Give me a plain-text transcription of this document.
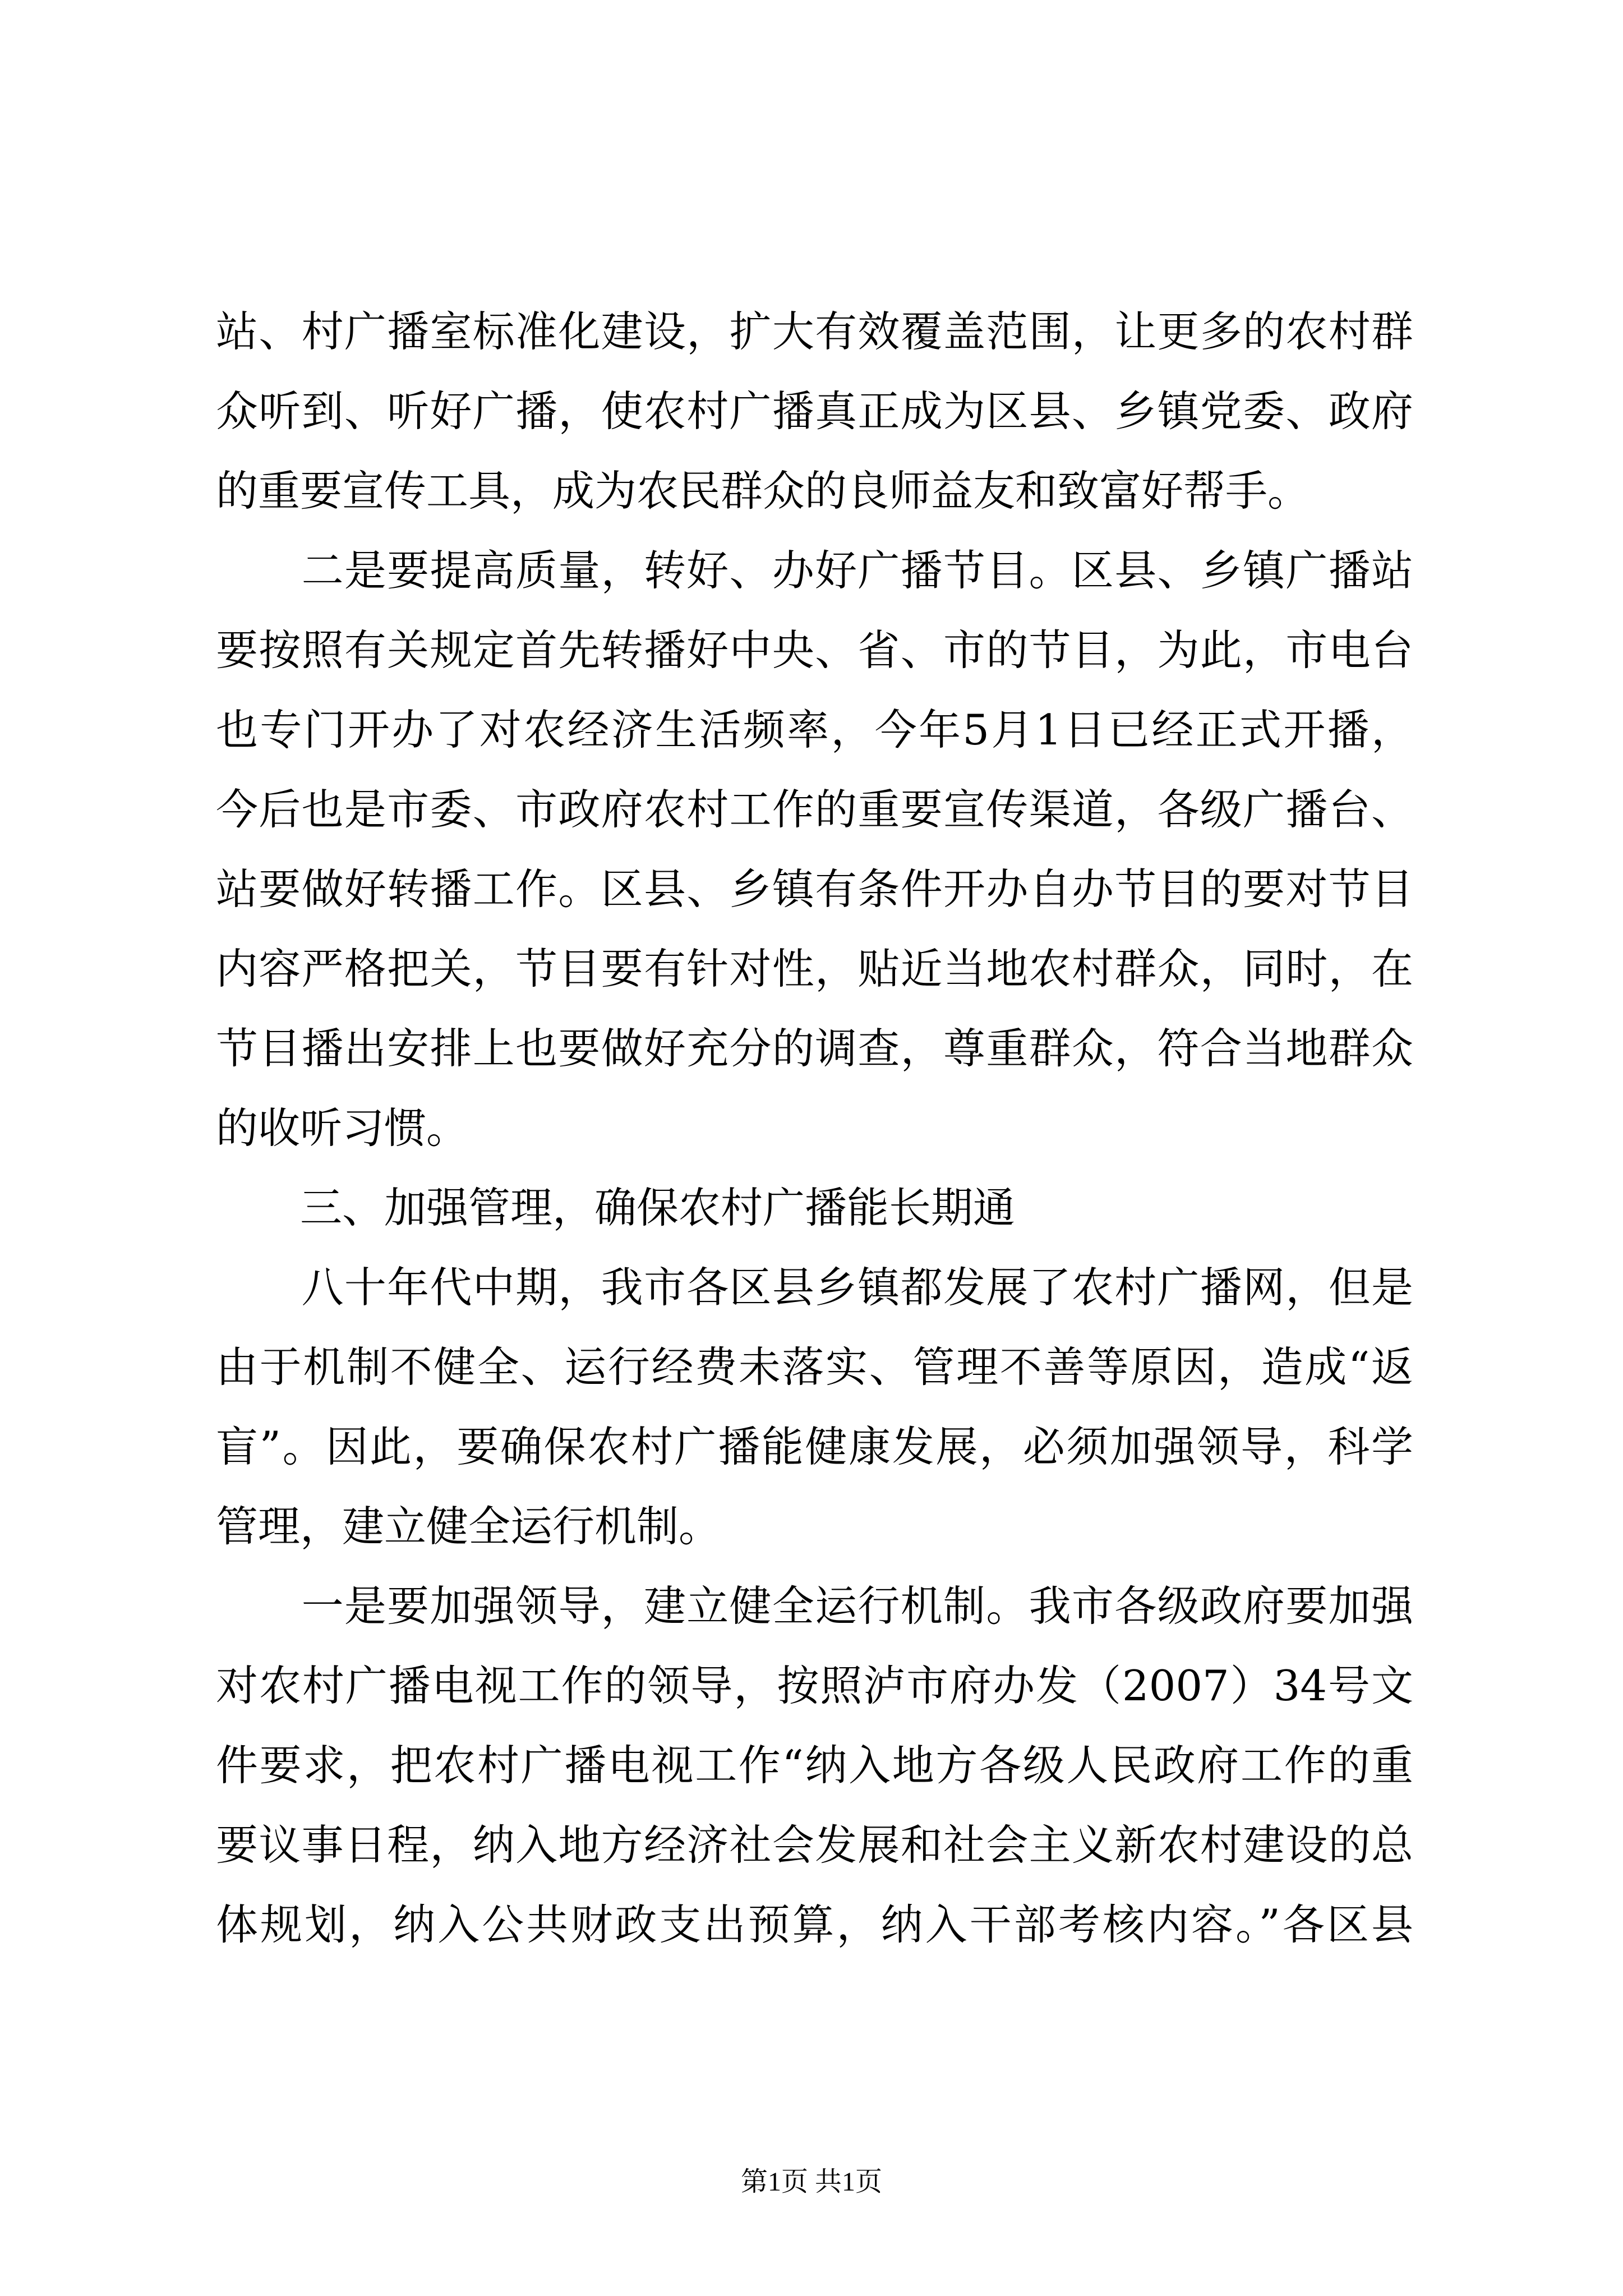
站、村广播室标准化建设，扩大有效覆盖范围，让更多的农村群
众听到、听好广播，使农村广播真正成为区县、乡镇党委、政府
的重要宣传工具，成为农民群众的良师益友和致富好帮手。
　　二是要提高质量，转好、办好广播节目。区县、乡镇广播站
要按照有关规定首先转播好中央、省、市的节目，为此，市电台
也专门开办了对农经济生活频率，今年5月1日已经正式开播，
今后也是市委、市政府农村工作的重要宣传渠道，各级广播台、
站要做好转播工作。区县、乡镇有条件开办自办节目的要对节目
内容严格把关，节目要有针对性，贴近当地农村群众，同时，在
节目播出安排上也要做好充分的调查，尊重群众，符合当地群众
的收听习惯。
　　三、加强管理，确保农村广播能长期通
　　八十年代中期，我市各区县乡镇都发展了农村广播网，但是
由于机制不健全、运行经费未落实、管理不善等原因，造成“返
盲”。因此，要确保农村广播能健康发展，必须加强领导，科学
管理，建立健全运行机制。
　　一是要加强领导，建立健全运行机制。我市各级政府要加强
对农村广播电视工作的领导，按照泸市府办发（2007）34号文
件要求，把农村广播电视工作“纳入地方各级人民政府工作的重
要议事日程，纳入地方经济社会发展和社会主义新农村建设的总
体规划，纳入公共财政支出预算，纳入干部考核内容。”各区县
第1页 共1页
